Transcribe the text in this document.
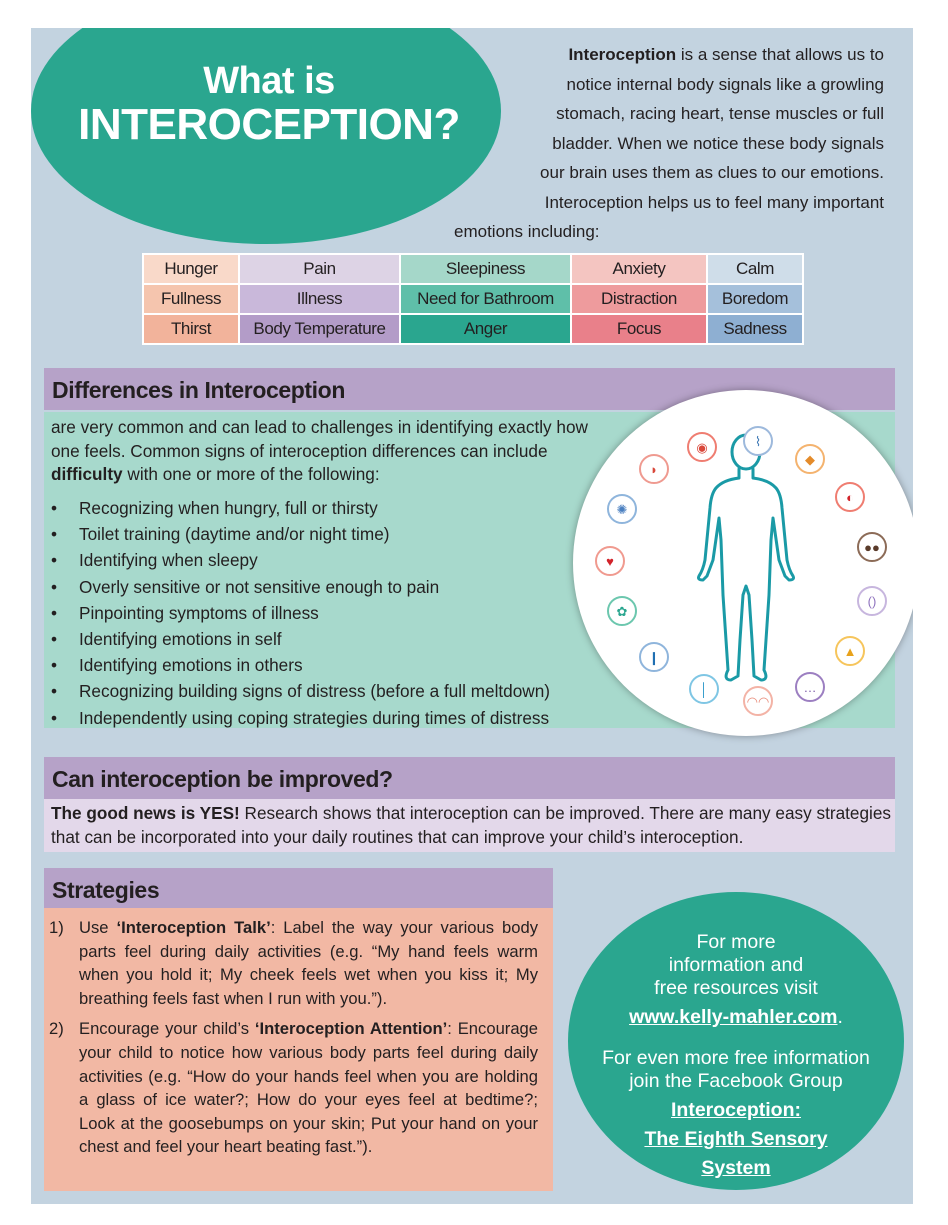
What is
INTEROCEPTION?
Interoception is a sense that allows us to
notice internal body signals like a growling
stomach, racing heart, tense muscles or full
bladder. When we notice these body signals
our brain uses them as clues to our emotions.
Interoception helps us to feel many important
emotions including:
Hunger	Pain	Sleepiness	Anxiety	Calm
Fullness	Illness	Need for Bathroom	Distraction	Boredom
Thirst	Body Temperature	Anger	Focus	Sadness
Differences in Interoception
are very common and can lead to challenges in identifying exactly how one feels. Common signs of interoception differences can include difficulty with one or more of the following:
• Recognizing when hungry, full or thirsty
• Toilet training (daytime and/or night time)
• Identifying when sleepy
• Overly sensitive or not sensitive enough to pain
• Pinpointing symptoms of illness
• Identifying emotions in self
• Identifying emotions in others
• Recognizing building signs of distress (before a full meltdown)
• Independently using coping strategies during times of distress
◉	⌇
◆
◐
●●
()
▲
…
◠◠
│
❙
✿
♥
✺
◗
Can interoception be improved?
The good news is YES! Research shows that interoception can be improved. There are many easy strategies that can be incorporated into your daily routines that can improve your child’s interoception.
Strategies
1) Use ‘Interoception Talk’: Label the way your various body parts feel during daily activities (e.g. “My hand feels warm when you hold it; My cheek feels wet when you kiss it; My breathing feels fast when I run with you.”).
2) Encourage your child’s ‘Interoception Attention’: Encourage your child to notice how various body parts feel during daily activities (e.g. “How do your hands feel when you are holding a glass of ice water?; How do your eyes feel at bedtime?; Look at the goosebumps on your skin; Put your hand on your chest and feel your heart beating fast.”).
For more
information and
free resources visit
www.kelly-mahler.com.
For even more free information
join the Facebook Group
Interoception:
The Eighth Sensory
System
